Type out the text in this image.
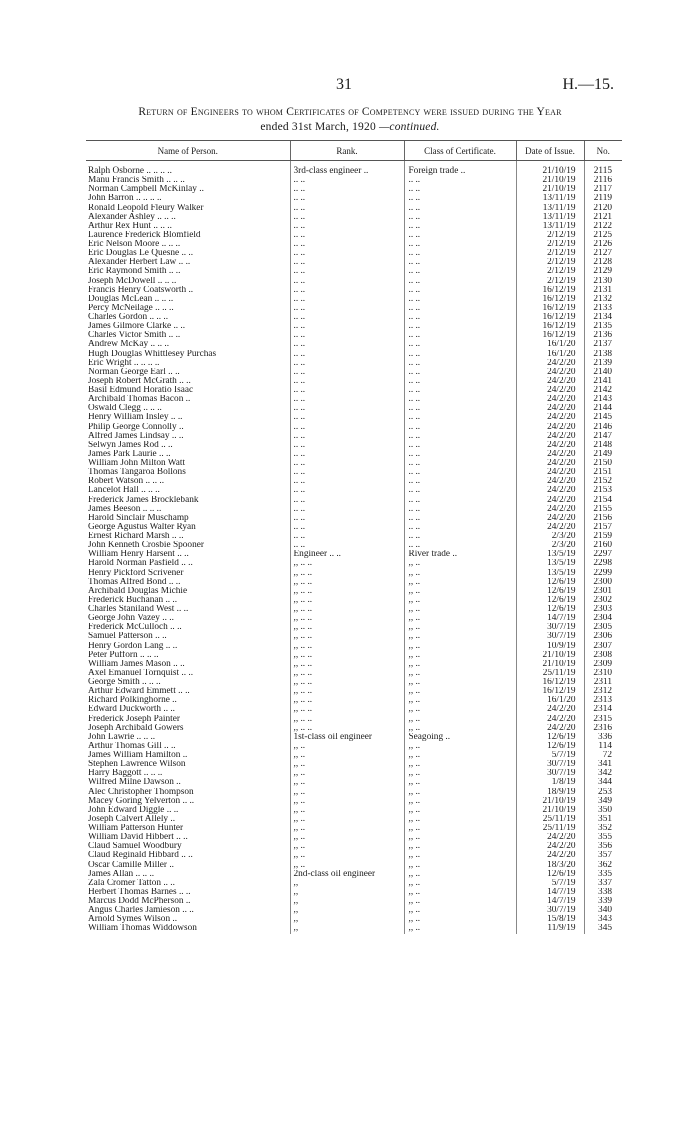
31	H.—15.
Return of Engineers to whom Certificates of Competency were issued during the Year
ended 31st March, 1920 —continued.
Name of Person.	Rank.	Class of Certificate.	Date of Issue.	No.
Ralph Osborne .. .. .. ..	3rd-class engineer ..	Foreign trade ..	21/10/19	2115
Manu Francis Smith .. .. ..	.. ..	.. ..	21/10/19	2116
Norman Campbell McKinlay ..	.. ..	.. ..	21/10/19	2117
John Barron .. .. .. ..	.. ..	.. ..	13/11/19	2119
Ronald Leopold Fleury Walker	.. ..	.. ..	13/11/19	2120
Alexander Ashley .. .. ..	.. ..	.. ..	13/11/19	2121
Arthur Rex Hunt .. .. ..	.. ..	.. ..	13/11/19	2122
Laurence Frederick Blomfield	.. ..	.. ..	2/12/19	2125
Eric Nelson Moore .. .. ..	.. ..	.. ..	2/12/19	2126
Eric Douglas Le Quesne .. ..	.. ..	.. ..	2/12/19	2127
Alexander Herbert Law .. ..	.. ..	.. ..	2/12/19	2128
Eric Raymond Smith .. ..	.. ..	.. ..	2/12/19	2129
Joseph McDowell .. .. ..	.. ..	.. ..	2/12/19	2130
Francis Henry Coatsworth ..	.. ..	.. ..	16/12/19	2131
Douglas McLean .. .. ..	.. ..	.. ..	16/12/19	2132
Percy McNeilage .. .. ..	.. ..	.. ..	16/12/19	2133
Charles Gordon .. .. ..	.. ..	.. ..	16/12/19	2134
James Gilmore Clarke .. ..	.. ..	.. ..	16/12/19	2135
Charles Victor Smith .. ..	.. ..	.. ..	16/12/19	2136
Andrew McKay .. .. ..	.. ..	.. ..	16/1/20	2137
Hugh Douglas Whittlesey Purchas	.. ..	.. ..	16/1/20	2138
Eric Wright .. .. .. ..	.. ..	.. ..	24/2/20	2139
Norman George Earl .. ..	.. ..	.. ..	24/2/20	2140
Joseph Robert McGrath .. ..	.. ..	.. ..	24/2/20	2141
Basil Edmund Horatio Isaac	.. ..	.. ..	24/2/20	2142
Archibald Thomas Bacon ..	.. ..	.. ..	24/2/20	2143
Oswald Clegg .. .. ..	.. ..	.. ..	24/2/20	2144
Henry William Insley .. ..	.. ..	.. ..	24/2/20	2145
Philip George Connolly ..	.. ..	.. ..	24/2/20	2146
Alfred James Lindsay .. ..	.. ..	.. ..	24/2/20	2147
Selwyn James Rod .. ..	.. ..	.. ..	24/2/20	2148
James Park Laurie .. ..	.. ..	.. ..	24/2/20	2149
William John Milton Watt	.. ..	.. ..	24/2/20	2150
Thomas Tangaroa Bollons	.. ..	.. ..	24/2/20	2151
Robert Watson .. .. ..	.. ..	.. ..	24/2/20	2152
Lancelot Hall .. .. ..	.. ..	.. ..	24/2/20	2153
Frederick James Brocklebank	.. ..	.. ..	24/2/20	2154
James Beeson .. .. ..	.. ..	.. ..	24/2/20	2155
Harold Sinclair Muschamp	.. ..	.. ..	24/2/20	2156
George Agustus Walter Ryan	.. ..	.. ..	24/2/20	2157
Ernest Richard Marsh .. ..	.. ..	.. ..	2/3/20	2159
John Kenneth Crosbie Spooner	.. ..	.. ..	2/3/20	2160
William Henry Harsent .. ..	Engineer .. ..	River trade ..	13/5/19	2297
Harold Norman Pasfield .. ..	,, .. ..	,, ..	13/5/19	2298
Henry Pickford Scrivener	,, .. ..	,, ..	13/5/19	2299
Thomas Alfred Bond .. ..	,, .. ..	,, ..	12/6/19	2300
Archibald Douglas Michie	,, .. ..	,, ..	12/6/19	2301
Frederick Buchanan .. ..	,, .. ..	,, ..	12/6/19	2302
Charles Staniland West .. ..	,, .. ..	,, ..	12/6/19	2303
George John Vazey .. ..	,, .. ..	,, ..	14/7/19	2304
Frederick McCulloch .. ..	,, .. ..	,, ..	30/7/19	2305
Samuel Patterson .. ..	,, .. ..	,, ..	30/7/19	2306
Henry Gordon Lang .. ..	,, .. ..	,, ..	10/9/19	2307
Peter Pufforn .. .. ..	,, .. ..	,, ..	21/10/19	2308
William James Mason .. ..	,, .. ..	,, ..	21/10/19	2309
Axel Emanuel Tornquist .. ..	,, .. ..	,, ..	25/11/19	2310
George Smith .. .. ..	,, .. ..	,, ..	16/12/19	2311
Arthur Edward Emmett .. ..	,, .. ..	,, ..	16/12/19	2312
Richard Polkinghorne ..	,, .. ..	,, ..	16/1/20	2313
Edward Duckworth .. ..	,, .. ..	,, ..	24/2/20	2314
Frederick Joseph Painter	,, .. ..	,, ..	24/2/20	2315
Joseph Archibald Gowers	,, .. ..	,, ..	24/2/20	2316
John Lawrie .. .. ..	1st-class oil engineer	Seagoing ..	12/6/19	336
Arthur Thomas Gill .. ..	,, ..	,, ..	12/6/19	114
James William Hamilton ..	,, ..	,, ..	5/7/19	72
Stephen Lawrence Wilson	,, ..	,, ..	30/7/19	341
Harry Baggott .. .. ..	,, ..	,, ..	30/7/19	342
Wilfred Milne Dawson ..	,, ..	,, ..	1/8/19	344
Alec Christopher Thompson	,, ..	,, ..	18/9/19	253
Macey Goring Yelverton .. ..	,, ..	,, ..	21/10/19	349
John Edward Diggle .. ..	,, ..	,, ..	21/10/19	350
Joseph Calvert Allely ..	,, ..	,, ..	25/11/19	351
William Patterson Hunter	,, ..	,, ..	25/11/19	352
William David Hibbert .. ..	,, ..	,, ..	24/2/20	355
Claud Samuel Woodbury	,, ..	,, ..	24/2/20	356
Claud Reginald Hibbard .. ..	,, ..	,, ..	24/2/20	357
Oscar Camille Miller ..	,, ..	,, ..	18/3/20	362
James Allan .. .. ..	2nd-class oil engineer	,, ..	12/6/19	335
Zala Cromer Tatton .. ..	,,	,, ..	5/7/19	337
Herbert Thomas Barnes .. ..	,,	,, ..	14/7/19	338
Marcus Dodd McPherson ..	,,	,, ..	14/7/19	339
Angus Charles Jamieson .. ..	,,	,, ..	30/7/19	340
Arnold Symes Wilson ..	,,	,, ..	15/8/19	343
William Thomas Widdowson	,,	,, ..	11/9/19	345
